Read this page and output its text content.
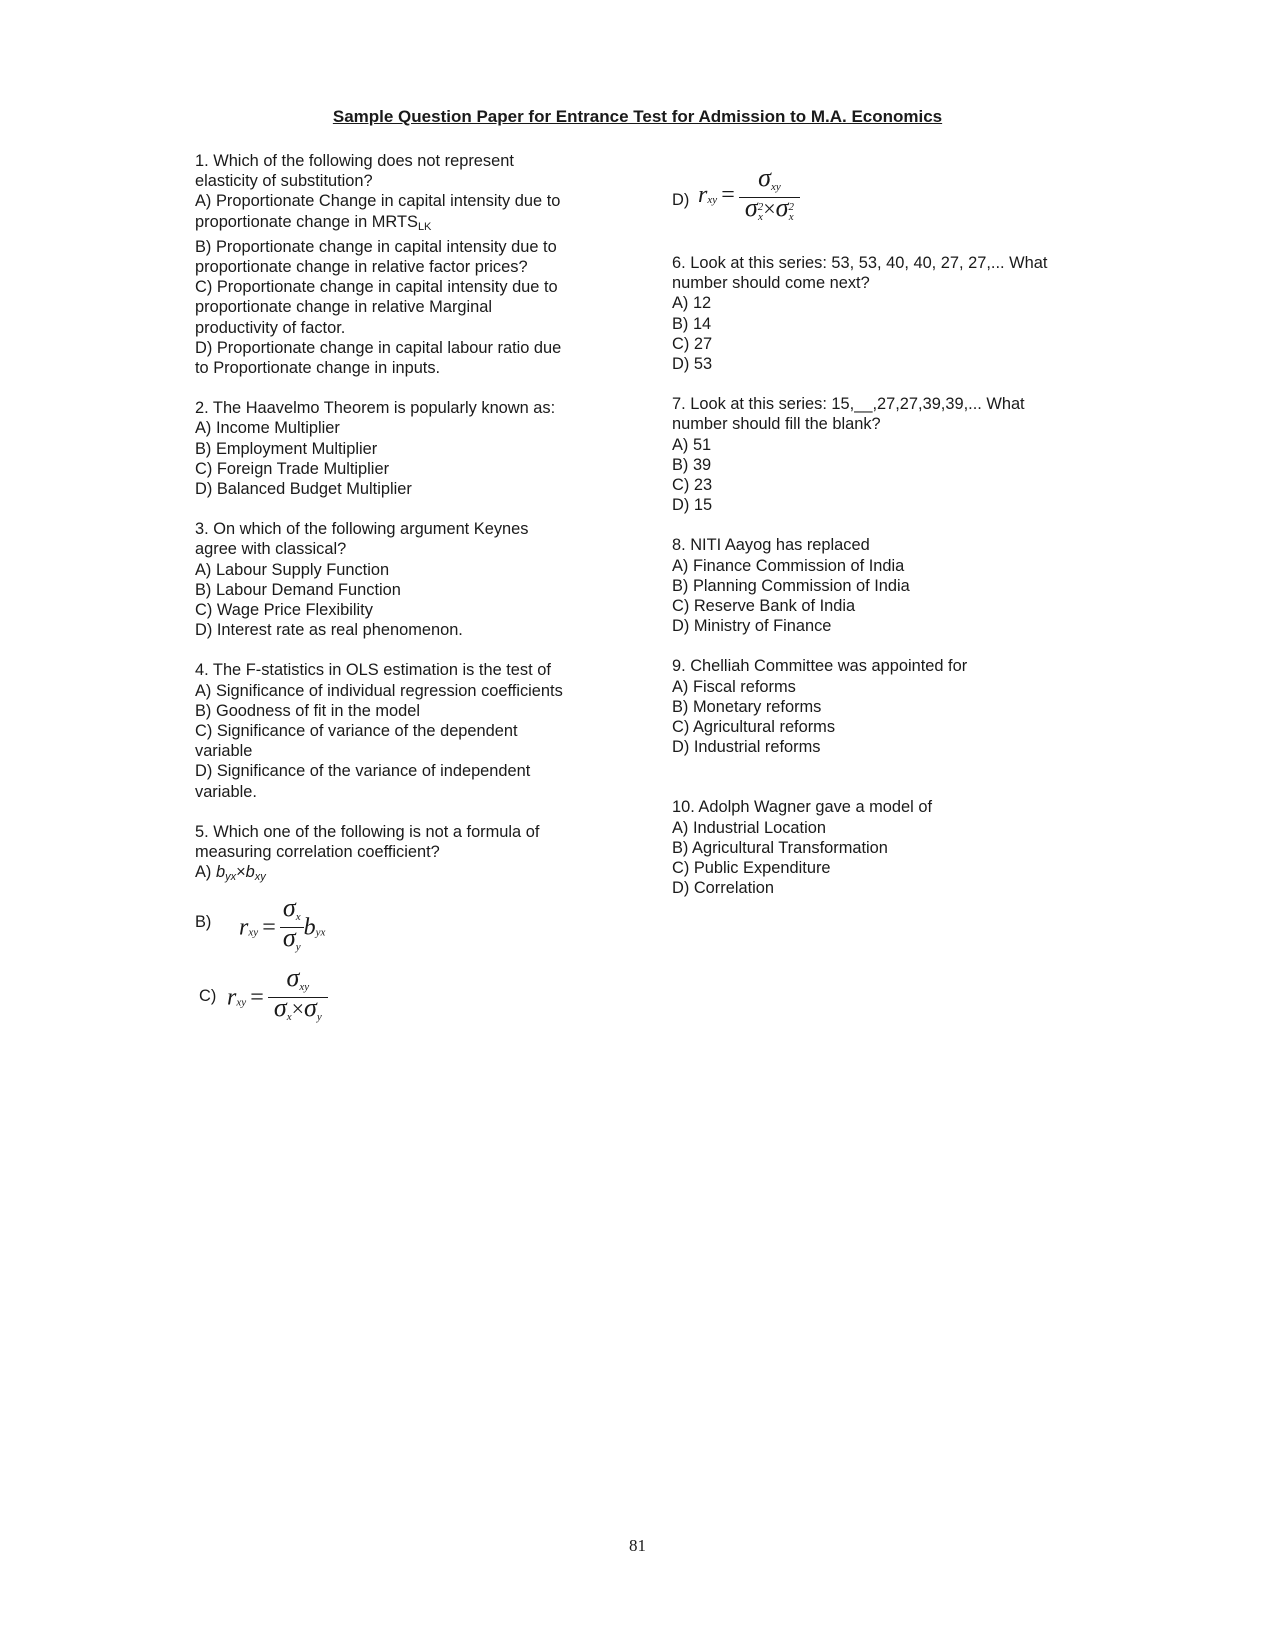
Sample Question Paper for Entrance Test for Admission to M.A. Economics
1. Which of the following does not represent
elasticity of substitution?
A) Proportionate Change in capital intensity due to
proportionate change in $MRTS_{LK}$
B) Proportionate change in capital intensity due to
proportionate change in relative factor prices?
C) Proportionate change in capital intensity due to
proportionate change in relative Marginal
productivity of factor.
D) Proportionate change in capital labour ratio due
to Proportionate change in inputs.
2. The Haavelmo Theorem is popularly known as:
A) Income Multiplier
B) Employment Multiplier
C) Foreign Trade Multiplier
D) Balanced Budget Multiplier
3. On which of the following argument Keynes
agree with classical?
A) Labour Supply Function
B) Labour Demand Function
C) Wage Price Flexibility
D) Interest rate as real phenomenon.
4. The F-statistics in OLS estimation is the test of
A) Significance of individual regression coefficients
B) Goodness of fit in the model
C) Significance of variance of the dependent
variable
D) Significance of the variance of independent
variable.
5. Which one of the following is not a formula of
measuring correlation coefficient?
A) byx×bxy
B) $r_{xy} = \frac{\sigma_x}{\sigma_y} b_{yx}$
C) $r_{xy} = \frac{\sigma_{xy}}{\sigma_x\times\sigma_y}$
D) $r_{xy} = \sigma_{xy}$
σ 2
x ×σ 2
x
6. Look at this series: 53, 53, 40, 40, 27, 27,... What
number should come next?
A) 12
B) 14
C) 27
D) 53
7. Look at this series: 15,__,27,27,39,39,... What
number should fill the blank?
A) 51
B) 39
C) 23
D) 15
8. NITI Aayog has replaced
A) Finance Commission of India
B) Planning Commission of India
C) Reserve Bank of India
D) Ministry of Finance
9. Chelliah Committee was appointed for
A) Fiscal reforms
B) Monetary reforms
C) Agricultural reforms
D) Industrial reforms
10. Adolph Wagner gave a model of
A) Industrial Location
B) Agricultural Transformation
C) Public Expenditure
D) Correlation
81
